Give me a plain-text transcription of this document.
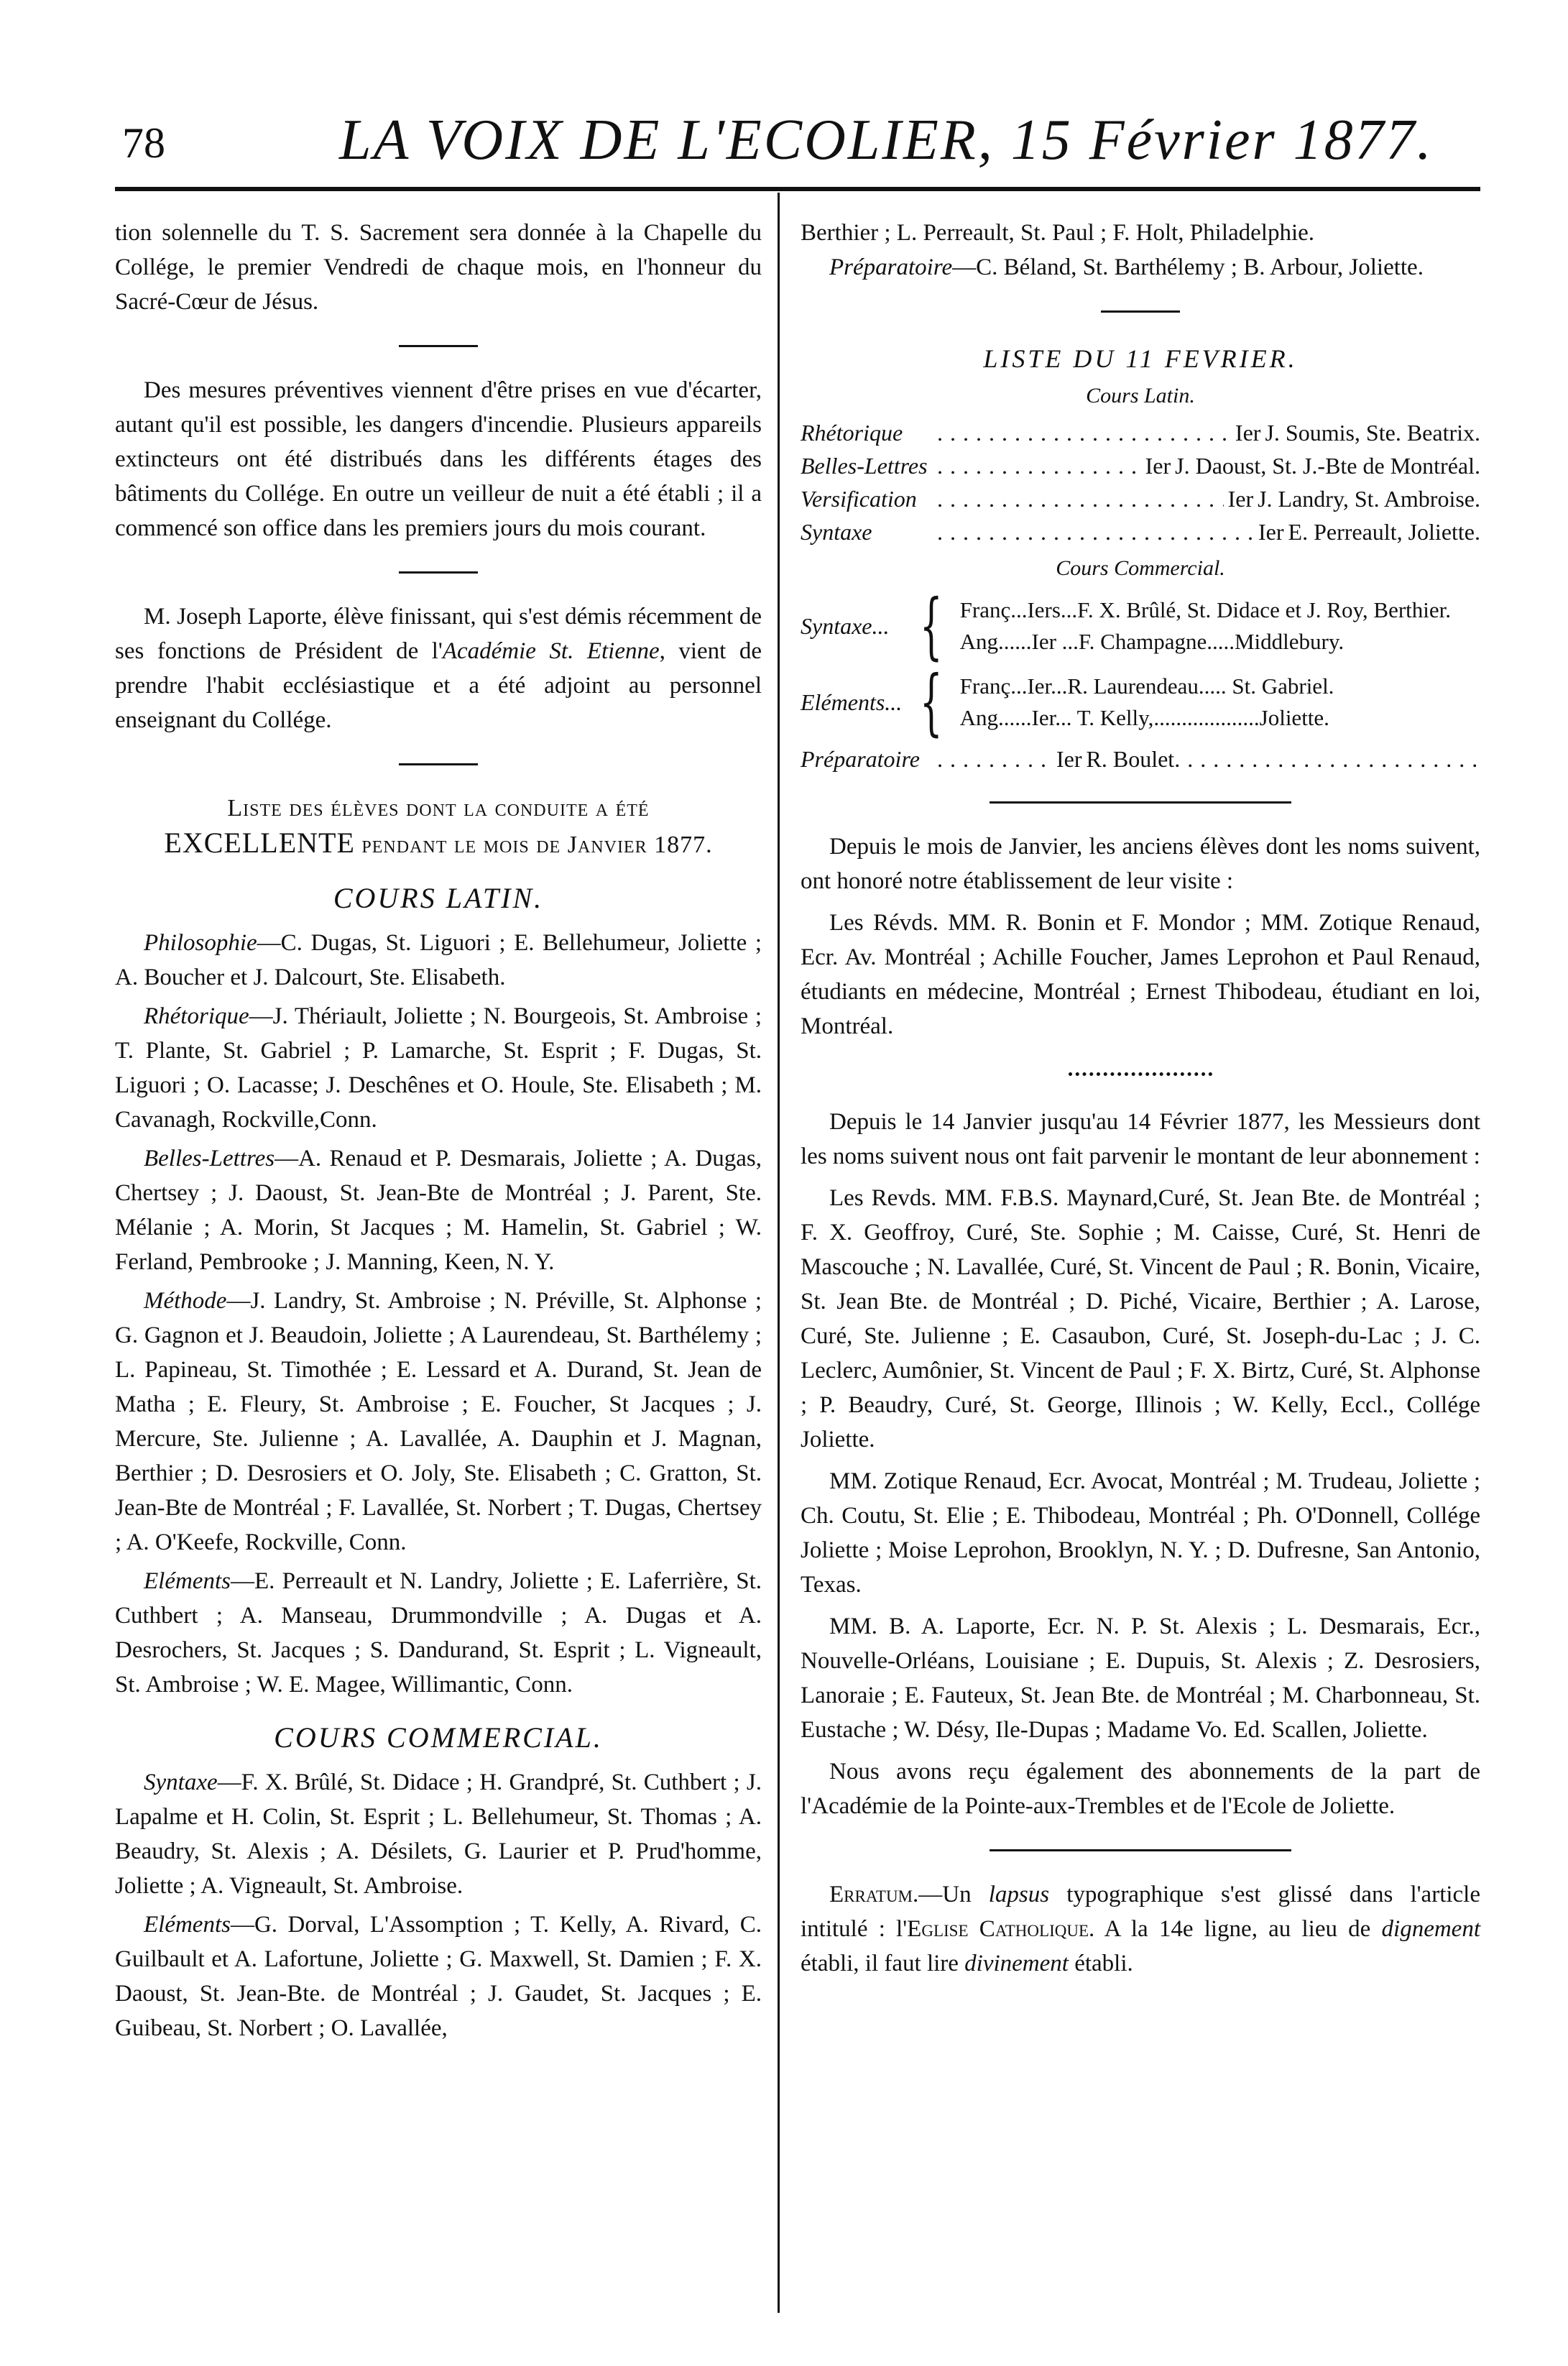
78	LA VOIX DE L'ECOLIER, 15 Février 1877.

tion solennelle du T. S. Sacrement sera donnée à la Chapelle du Collége, le premier Vendredi de chaque mois, en l'honneur du Sacré-Cœur de Jésus.

Des mesures préventives viennent d'être prises en vue d'écarter, autant qu'il est possible, les dangers d'incendie. Plusieurs appareils extincteurs ont été distribués dans les différents étages des bâtiments du Collége. En outre un veilleur de nuit a été établi ; il a commencé son office dans les premiers jours du mois courant.

M. Joseph Laporte, élève finissant, qui s'est démis récemment de ses fonctions de Président de l'Académie St. Etienne, vient de prendre l'habit ecclésiastique et a été adjoint au personnel enseignant du Collége.

Liste des élèves dont la conduite a été

EXCELLENTE pendant le mois de Janvier 1877.

COURS LATIN.

Philosophie—C. Dugas, St. Liguori ; E. Bellehumeur, Joliette ; A. Boucher et J. Dalcourt, Ste. Elisabeth.

Rhétorique—J. Thériault, Joliette ; N. Bourgeois, St. Ambroise ; T. Plante, St. Gabriel ; P. Lamarche, St. Esprit ; F. Dugas, St. Liguori ; O. Lacasse; J. Deschênes et O. Houle, Ste. Elisabeth ; M. Cavanagh, Rockville,Conn.

Belles-Lettres—A. Renaud et P. Desmarais, Joliette ; A. Dugas, Chertsey ; J. Daoust, St. Jean-Bte de Montréal ; J. Parent, Ste. Mélanie ; A. Morin, St Jacques ; M. Hamelin, St. Gabriel ; W. Ferland, Pembrooke ; J. Manning, Keen, N. Y.

Méthode—J. Landry, St. Ambroise ; N. Préville, St. Alphonse ; G. Gagnon et J. Beaudoin, Joliette ; A Laurendeau, St. Barthélemy ; L. Papineau, St. Timothée ; E. Lessard et A. Durand, St. Jean de Matha ; E. Fleury, St. Ambroise ; E. Foucher, St Jacques ; J. Mercure, Ste. Julienne ; A. Lavallée, A. Dauphin et J. Magnan, Berthier ; D. Desrosiers et O. Joly, Ste. Elisabeth ; C. Gratton, St. Jean-Bte de Montréal ; F. Lavallée, St. Norbert ; T. Dugas, Chertsey ; A. O'Keefe, Rockville, Conn.

Eléments—E. Perreault et N. Landry, Joliette ; E. Laferrière, St. Cuthbert ; A. Manseau, Drummondville ; A. Dugas et A. Desrochers, St. Jacques ; S. Dandurand, St. Esprit ; L. Vigneault, St. Ambroise ; W. E. Magee, Willimantic, Conn.

COURS COMMERCIAL.

Syntaxe—F. X. Brûlé, St. Didace ; H. Grandpré, St. Cuthbert ; J. Lapalme et H. Colin, St. Esprit ; L. Bellehumeur, St. Thomas ; A. Beaudry, St. Alexis ; A. Désilets, G. Laurier et P. Prud'homme, Joliette ; A. Vigneault, St. Ambroise.

Eléments—G. Dorval, L'Assomption ; T. Kelly, A. Rivard, C. Guilbault et A. Lafortune, Joliette ; G. Maxwell, St. Damien ; F. X. Daoust, St. Jean-Bte. de Montréal ; J. Gaudet, St. Jacques ; E. Guibeau, St. Norbert ; O. Lavallée,

Berthier ; L. Perreault, St. Paul ; F. Holt, Philadelphie.

Préparatoire—C. Béland, St. Barthélemy ; B. Arbour, Joliette.

LISTE DU 11 FEVRIER.

Cours Latin.

Rhétorique . . .	Ier J. Soumis, Ste. Beatrix.
Belles-Lettres . . .	Ier J. Daoust, St. J.-Bte de Montréal.
Versification . . .	Ier J. Landry, St. Ambroise.
Syntaxe . . .	Ier E. Perreault, Joliette.

Cours Commercial.

Syntaxe... { Franç...Iers...F. X. Brûlé, St. Didace et J. Roy, Berthier.
Ang......Ier ...F. Champagne.....Middlebury.
Eléments... { Franç...Ier...R. Laurendeau..... St. Gabriel.
Ang......Ier... T. Kelly,...................Joliette.
Préparatoire . . .	Ier R. Boulet
. . .

Depuis le mois de Janvier, les anciens élèves dont les noms suivent, ont honoré notre établissement de leur visite :

Les Révds. MM. R. Bonin et F. Mondor ; MM. Zotique Renaud, Ecr. Av. Montréal ; Achille Foucher, James Leprohon et Paul Renaud, étudiants en médecine, Montréal ; Ernest Thibodeau, étudiant en loi, Montréal.

Depuis le 14 Janvier jusqu'au 14 Février 1877, les Messieurs dont les noms suivent nous ont fait parvenir le montant de leur abonnement :

Les Revds. MM. F.B.S. Maynard,Curé, St. Jean Bte. de Montréal ; F. X. Geoffroy, Curé, Ste. Sophie ; M. Caisse, Curé, St. Henri de Mascouche ; N. Lavallée, Curé, St. Vincent de Paul ; R. Bonin, Vicaire, St. Jean Bte. de Montréal ; D. Piché, Vicaire, Berthier ; A. Larose, Curé, Ste. Julienne ; E. Casaubon, Curé, St. Joseph-du-Lac ; J. C. Leclerc, Aumônier, St. Vincent de Paul ; F. X. Birtz, Curé, St. Alphonse ; P. Beaudry, Curé, St. George, Illinois ; W. Kelly, Eccl., Collége Joliette.

MM. Zotique Renaud, Ecr. Avocat, Montréal ; M. Trudeau, Joliette ; Ch. Coutu, St. Elie ; E. Thibodeau, Montréal ; Ph. O'Donnell, Collége Joliette ; Moise Leprohon, Brooklyn, N. Y. ; D. Dufresne, San Antonio, Texas.

MM. B. A. Laporte, Ecr. N. P. St. Alexis ; L. Desmarais, Ecr., Nouvelle-Orléans, Louisiane ; E. Dupuis, St. Alexis ; Z. Desrosiers, Lanoraie ; E. Fauteux, St. Jean Bte. de Montréal ; M. Charbonneau, St. Eustache ; W. Désy, Ile-Dupas ; Madame Vo. Ed. Scallen, Joliette.

Nous avons reçu également des abonnements de la part de l'Académie de la Pointe-aux-Trembles et de l'Ecole de Joliette.

Erratum.—Un lapsus typographique s'est glissé dans l'article intitulé : l'Eglise Catholique. A la 14e ligne, au lieu de dignement établi, il faut lire divinement établi.
